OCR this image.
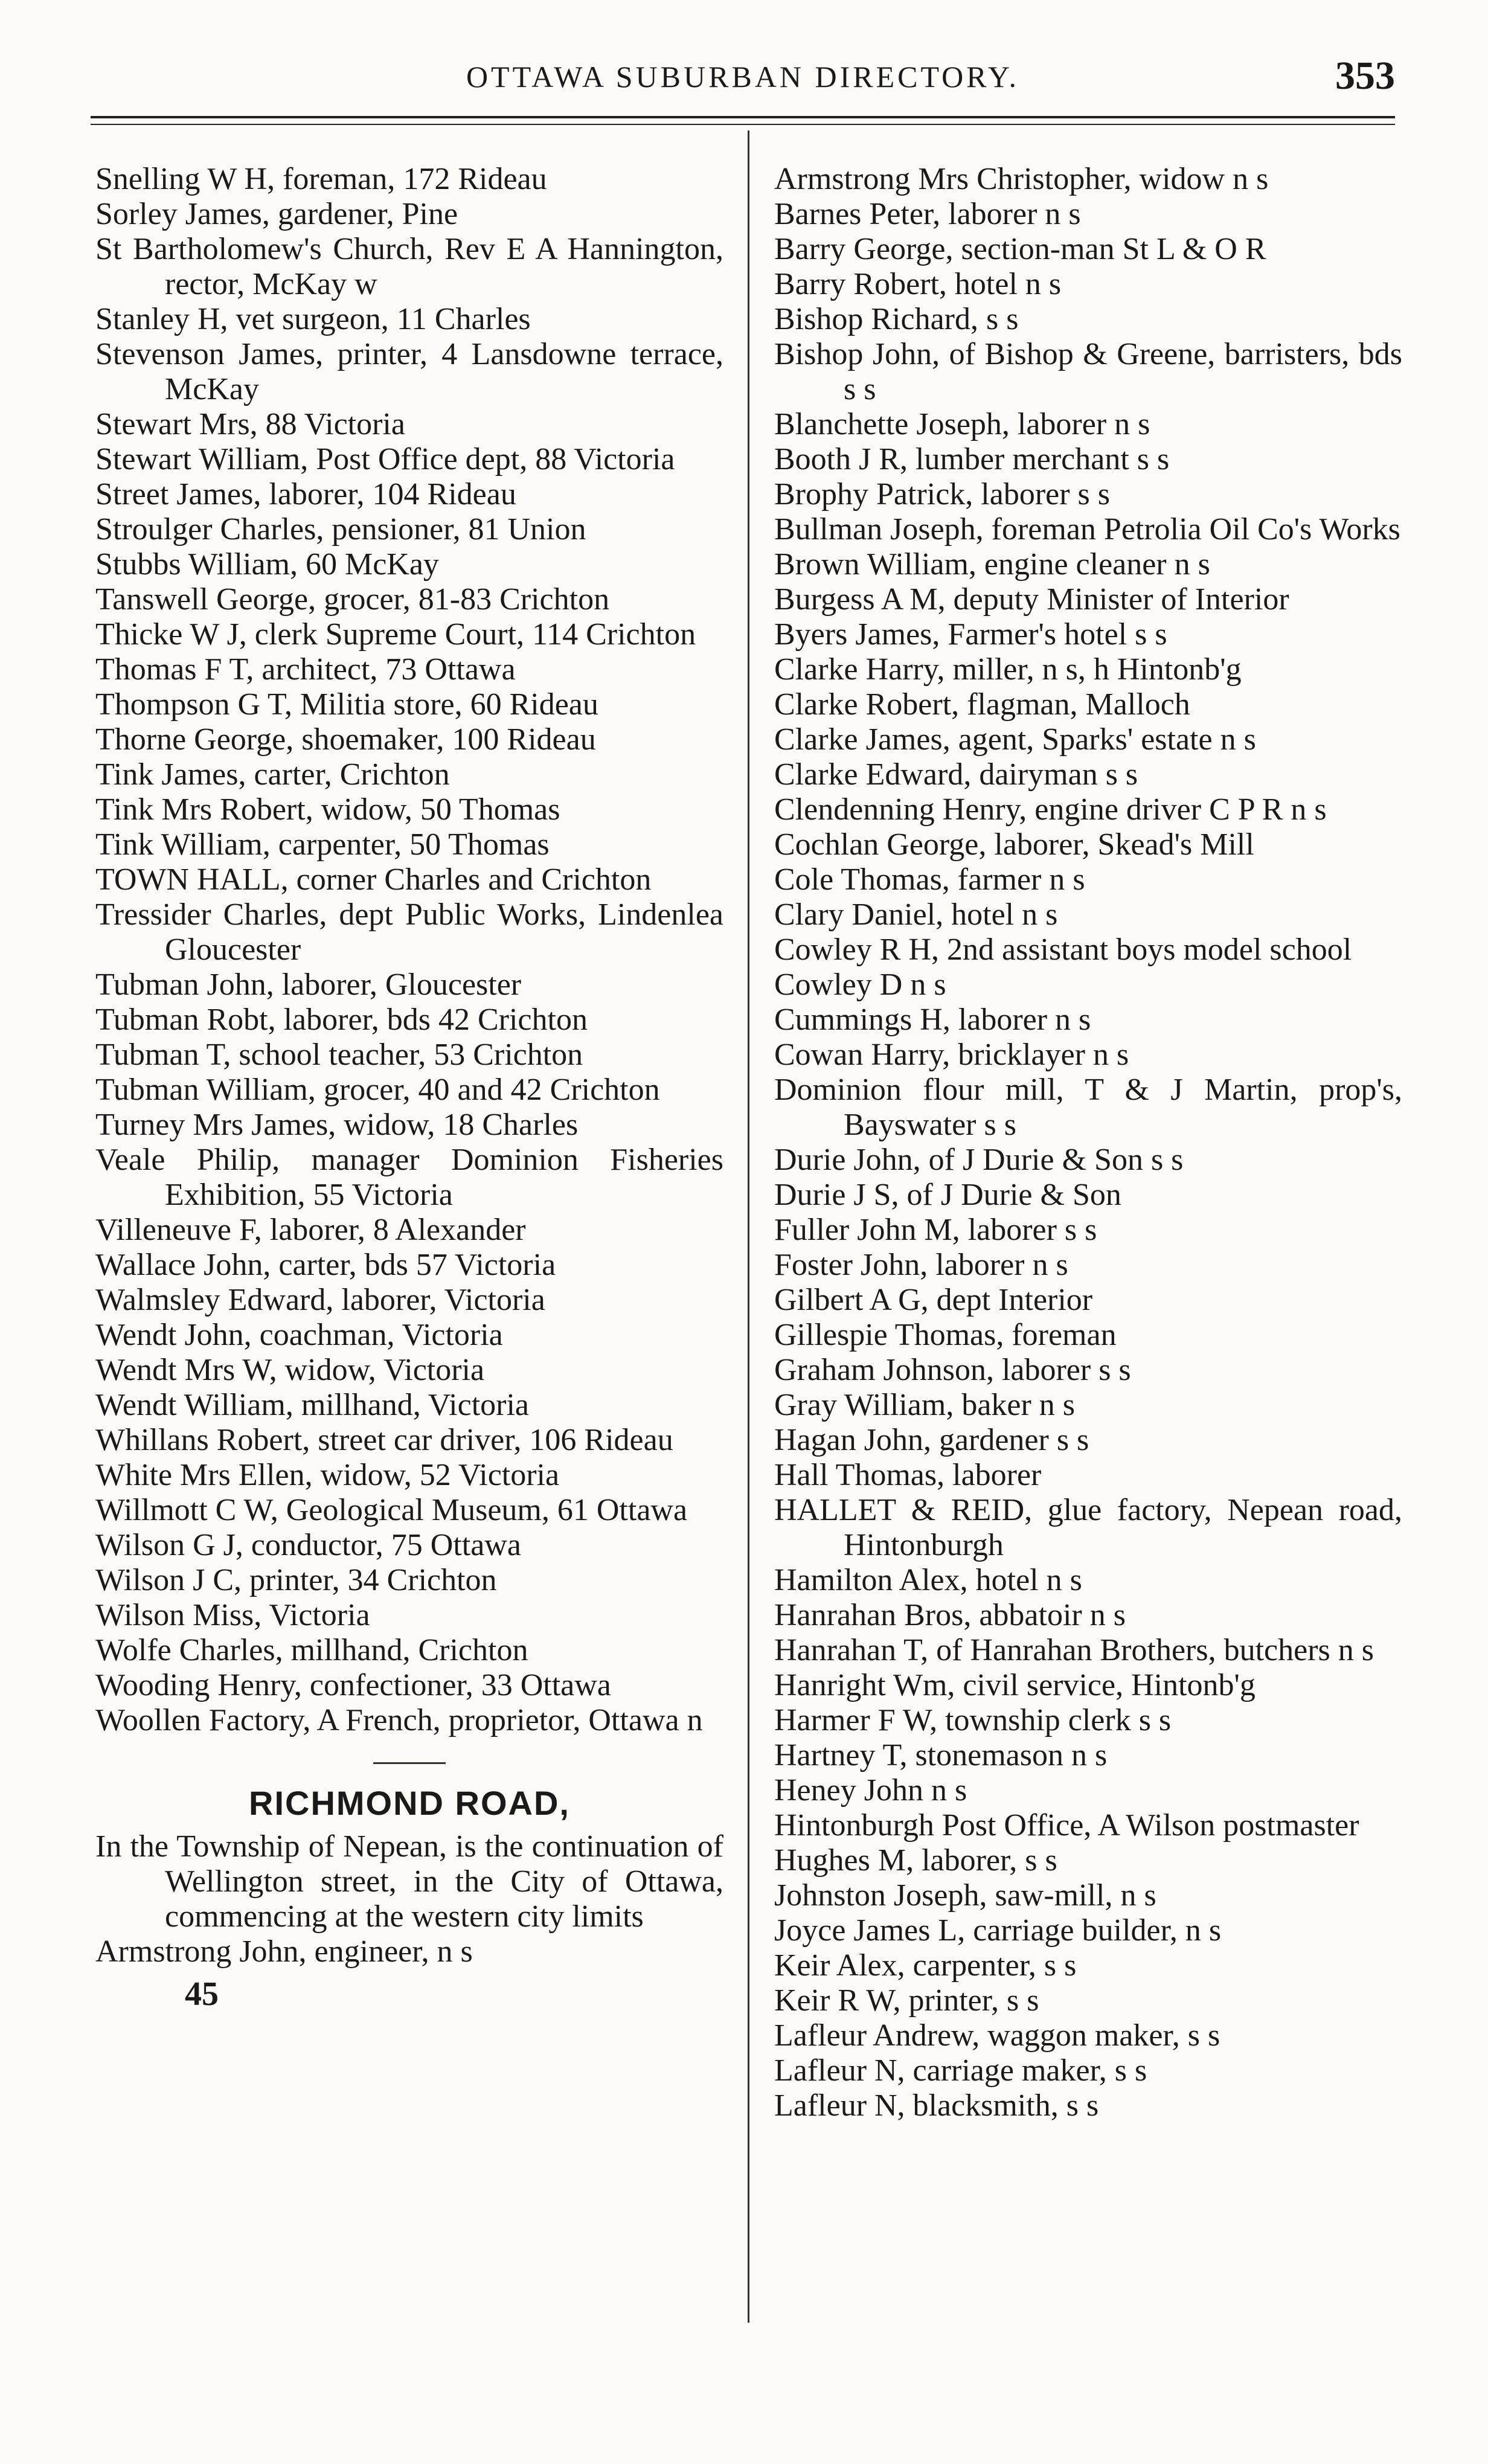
OTTAWA SUBURBAN DIRECTORY.	353

Snelling W H, foreman, 172 Rideau

Sorley James, gardener, Pine

St Bartholomew's Church, Rev E A Hannington, rector, McKay w

Stanley H, vet surgeon, 11 Charles

Stevenson James, printer, 4 Lansdowne terrace, McKay

Stewart Mrs, 88 Victoria

Stewart William, Post Office dept, 88 Victoria

Street James, laborer, 104 Rideau

Stroulger Charles, pensioner, 81 Union

Stubbs William, 60 McKay

Tanswell George, grocer, 81-83 Crichton

Thicke W J, clerk Supreme Court, 114 Crichton

Thomas F T, architect, 73 Ottawa

Thompson G T, Militia store, 60 Rideau

Thorne George, shoemaker, 100 Rideau

Tink James, carter, Crichton

Tink Mrs Robert, widow, 50 Thomas

Tink William, carpenter, 50 Thomas

TOWN HALL, corner Charles and Crichton

Tressider Charles, dept Public Works, Lindenlea Gloucester

Tubman John, laborer, Gloucester

Tubman Robt, laborer, bds 42 Crichton

Tubman T, school teacher, 53 Crichton

Tubman William, grocer, 40 and 42 Crichton

Turney Mrs James, widow, 18 Charles

Veale Philip, manager Dominion Fisheries Exhibition, 55 Victoria

Villeneuve F, laborer, 8 Alexander

Wallace John, carter, bds 57 Victoria

Walmsley Edward, laborer, Victoria

Wendt John, coachman, Victoria

Wendt Mrs W, widow, Victoria

Wendt William, millhand, Victoria

Whillans Robert, street car driver, 106 Rideau

White Mrs Ellen, widow, 52 Victoria

Willmott C W, Geological Museum, 61 Ottawa

Wilson G J, conductor, 75 Ottawa

Wilson J C, printer, 34 Crichton

Wilson Miss, Victoria

Wolfe Charles, millhand, Crichton

Wooding Henry, confectioner, 33 Ottawa

Woollen Factory, A French, proprietor, Ottawa n

RICHMOND ROAD,

In the Township of Nepean, is the continuation of Wellington street, in the City of Ottawa, commencing at the western city limits

Armstrong John, engineer, n s

45

Armstrong Mrs Christopher, widow n s

Barnes Peter, laborer n s

Barry George, section-man St L & O R

Barry Robert, hotel n s

Bishop Richard, s s

Bishop John, of Bishop & Greene, barristers, bds s s

Blanchette Joseph, laborer n s

Booth J R, lumber merchant s s

Brophy Patrick, laborer s s

Bullman Joseph, foreman Petrolia Oil Co's Works

Brown William, engine cleaner n s

Burgess A M, deputy Minister of Interior

Byers James, Farmer's hotel s s

Clarke Harry, miller, n s, h Hintonb'g

Clarke Robert, flagman, Malloch

Clarke James, agent, Sparks' estate n s

Clarke Edward, dairyman s s

Clendenning Henry, engine driver C P R n s

Cochlan George, laborer, Skead's Mill

Cole Thomas, farmer n s

Clary Daniel, hotel n s

Cowley R H, 2nd assistant boys model school

Cowley D n s

Cummings H, laborer n s

Cowan Harry, bricklayer n s

Dominion flour mill, T & J Martin, prop's, Bayswater s s

Durie John, of J Durie & Son s s

Durie J S, of J Durie & Son

Fuller John M, laborer s s

Foster John, laborer n s

Gilbert A G, dept Interior

Gillespie Thomas, foreman

Graham Johnson, laborer s s

Gray William, baker n s

Hagan John, gardener s s

Hall Thomas, laborer

HALLET & REID, glue factory, Nepean road, Hintonburgh

Hamilton Alex, hotel n s

Hanrahan Bros, abbatoir n s

Hanrahan T, of Hanrahan Brothers, butchers n s

Hanright Wm, civil service, Hintonb'g

Harmer F W, township clerk s s

Hartney T, stonemason n s

Heney John n s

Hintonburgh Post Office, A Wilson postmaster

Hughes M, laborer, s s

Johnston Joseph, saw-mill, n s

Joyce James L, carriage builder, n s

Keir Alex, carpenter, s s

Keir R W, printer, s s

Lafleur Andrew, waggon maker, s s

Lafleur N, carriage maker, s s

Lafleur N, blacksmith, s s
